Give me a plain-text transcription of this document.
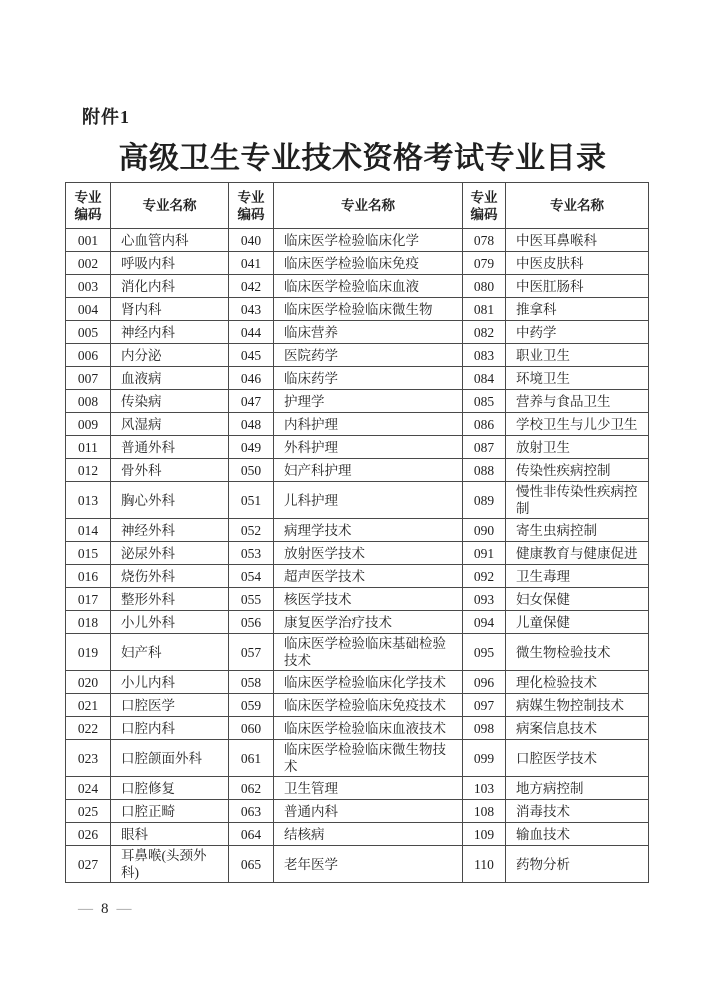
附件1
高级卫生专业技术资格考试专业目录
专业编码	专业名称	专业编码	专业名称	专业编码	专业名称
001	心血管内科	040	临床医学检验临床化学	078	中医耳鼻喉科
002	呼吸内科	041	临床医学检验临床免疫	079	中医皮肤科
003	消化内科	042	临床医学检验临床血液	080	中医肛肠科
004	肾内科	043	临床医学检验临床微生物	081	推拿科
005	神经内科	044	临床营养	082	中药学
006	内分泌	045	医院药学	083	职业卫生
007	血液病	046	临床药学	084	环境卫生
008	传染病	047	护理学	085	营养与食品卫生
009	风湿病	048	内科护理	086	学校卫生与儿少卫生
011	普通外科	049	外科护理	087	放射卫生
012	骨外科	050	妇产科护理	088	传染性疾病控制
013	胸心外科	051	儿科护理	089	慢性非传染性疾病控制
014	神经外科	052	病理学技术	090	寄生虫病控制
015	泌尿外科	053	放射医学技术	091	健康教育与健康促进
016	烧伤外科	054	超声医学技术	092	卫生毒理
017	整形外科	055	核医学技术	093	妇女保健
018	小儿外科	056	康复医学治疗技术	094	儿童保健
019	妇产科	057	临床医学检验临床基础检验技术	095	微生物检验技术
020	小儿内科	058	临床医学检验临床化学技术	096	理化检验技术
021	口腔医学	059	临床医学检验临床免疫技术	097	病媒生物控制技术
022	口腔内科	060	临床医学检验临床血液技术	098	病案信息技术
023	口腔颌面外科	061	临床医学检验临床微生物技术	099	口腔医学技术
024	口腔修复	062	卫生管理	103	地方病控制
025	口腔正畸	063	普通内科	108	消毒技术
026	眼科	064	结核病	109	输血技术
027	耳鼻喉(头颈外科)	065	老年医学	110	药物分析
— 8 —
